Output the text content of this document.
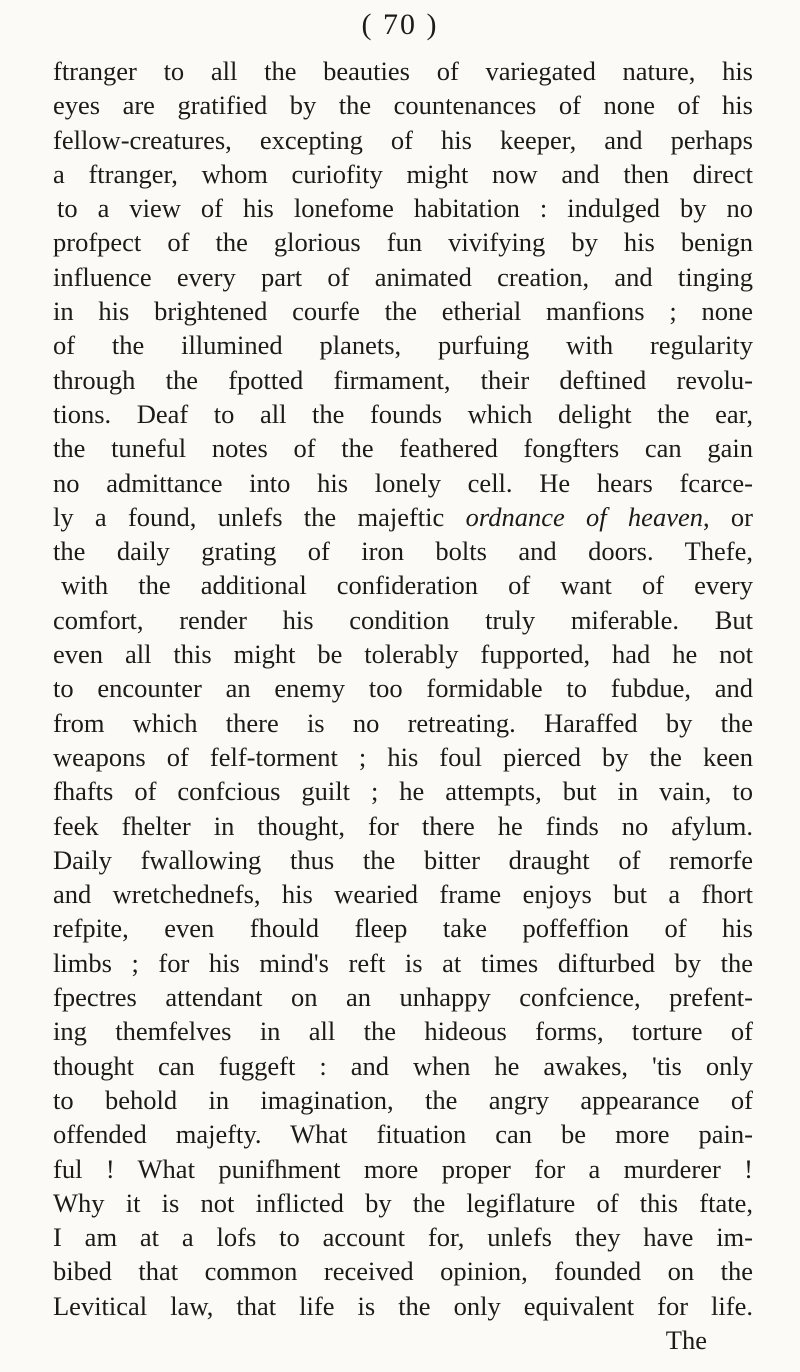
( 70 )
ftranger to all the beauties of variegated nature, his
eyes are gratified by the countenances of none of his
fellow-creatures, excepting of his keeper, and perhaps
a ftranger, whom curiofity might now and then direct
to a view of his lonefome habitation : indulged by no
profpect of the glorious fun vivifying by his benign
influence every part of animated creation, and tinging
in his brightened courfe the etherial manfions ; none
of the illumined planets, purfuing with regularity
through the fpotted firmament, their deftined revolu-
tions. Deaf to all the founds which delight the ear,
the tuneful notes of the feathered fongfters can gain
no admittance into his lonely cell. He hears fcarce-
ly a found, unlefs the majeftic ordnance of heaven, or
the daily grating of iron bolts and doors. Thefe,
with the additional confideration of want of every
comfort, render his condition truly miferable. But
even all this might be tolerably fupported, had he not
to encounter an enemy too formidable to fubdue, and
from which there is no retreating. Haraffed by the
weapons of felf-torment ; his foul pierced by the keen
fhafts of confcious guilt ; he attempts, but in vain, to
feek fhelter in thought, for there he finds no afylum.
Daily fwallowing thus the bitter draught of remorfe
and wretchednefs, his wearied frame enjoys but a fhort
refpite, even fhould fleep take poffeffion of his
limbs ; for his mind's reft is at times difturbed by the
fpectres attendant on an unhappy confcience, prefent-
ing themfelves in all the hideous forms, torture of
thought can fuggeft : and when he awakes, 'tis only
to behold in imagination, the angry appearance of
offended majefty. What fituation can be more pain-
ful ! What punifhment more proper for a murderer !
Why it is not inflicted by the legiflature of this ftate,
I am at a lofs to account for, unlefs they have im-
bibed that common received opinion, founded on the
Levitical law, that life is the only equivalent for life.
The
